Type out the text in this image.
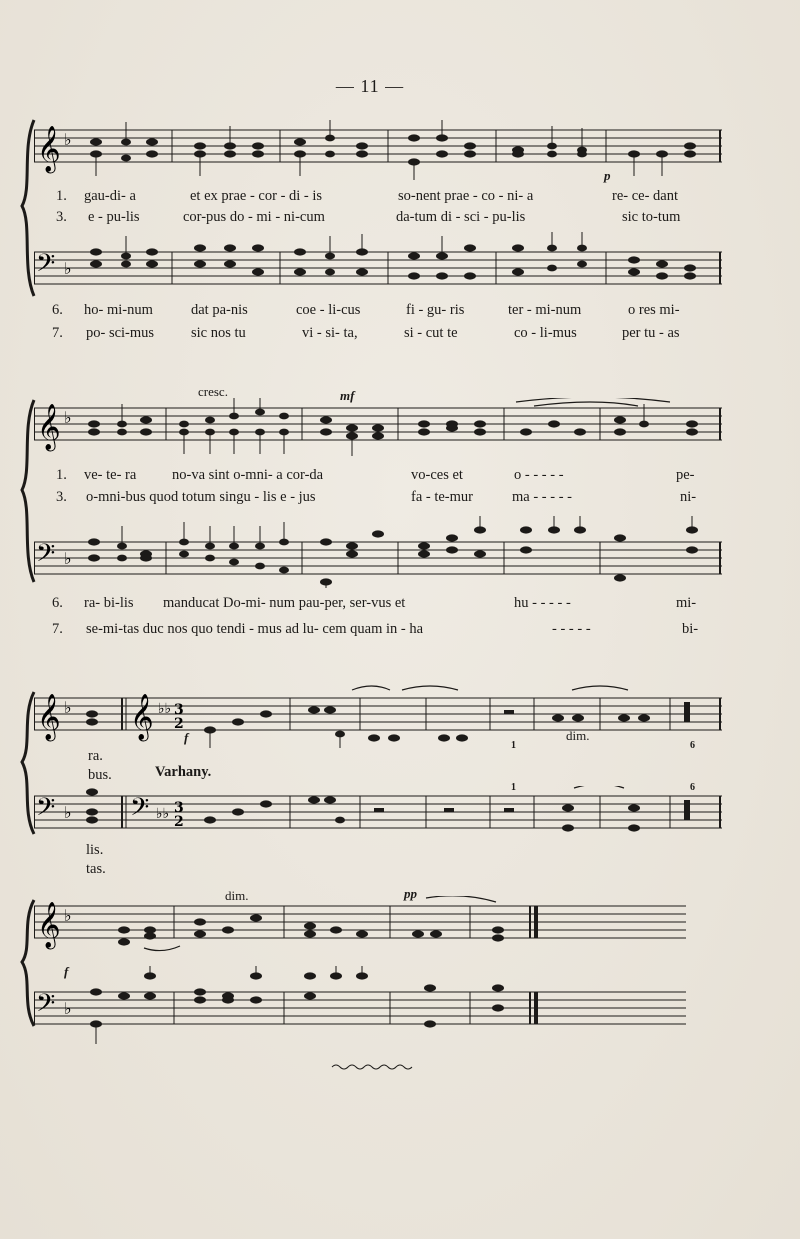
— 11 —
𝄞 ♭
p
1. gau-di- a	et ex prae - cor - di - is	so-nent prae - co - ni- a	re- ce- dant
3. e - pu-lis	cor-pus do - mi - ni-cum	da-tum di - sci - pu-lis	sic to-tum
𝄢 ♭
6. ho- mi-num	dat pa-nis	coe - li-cus	fi - gu- ris	ter - mi-num	o res mi-
7. po- sci-mus	sic nos tu	vi - si- ta,	si - cut te	co - li-mus	per tu - as
cresc.	mf
𝄞 ♭
1. ve- te- ra no-va sint o-mni- a cor-da	vo-ces et	o - - - - -	pe-
3. o-mni-bus quod totum singu - lis e - jus	fa - te-mur	ma - - - - -	ni-
𝄢 ♭
6. ra- bi-lis manducat Do-mi- num pau-per, ser-vus et	hu - - - - -	mi-
7. se-mi-tas duc nos quo tendi - mus ad lu- cem quam in - ha	- - - - -	bi-
𝄞 ♭ 𝄞 ♭♭ 3
2
f	dim.
1	6
ra.
bus.	Varhany.
1	6
𝄢 ♭ 𝄢 ♭♭ 3
2
lis.
tas.
dim.	pp
𝄞 ♭
f
𝄢 ♭
